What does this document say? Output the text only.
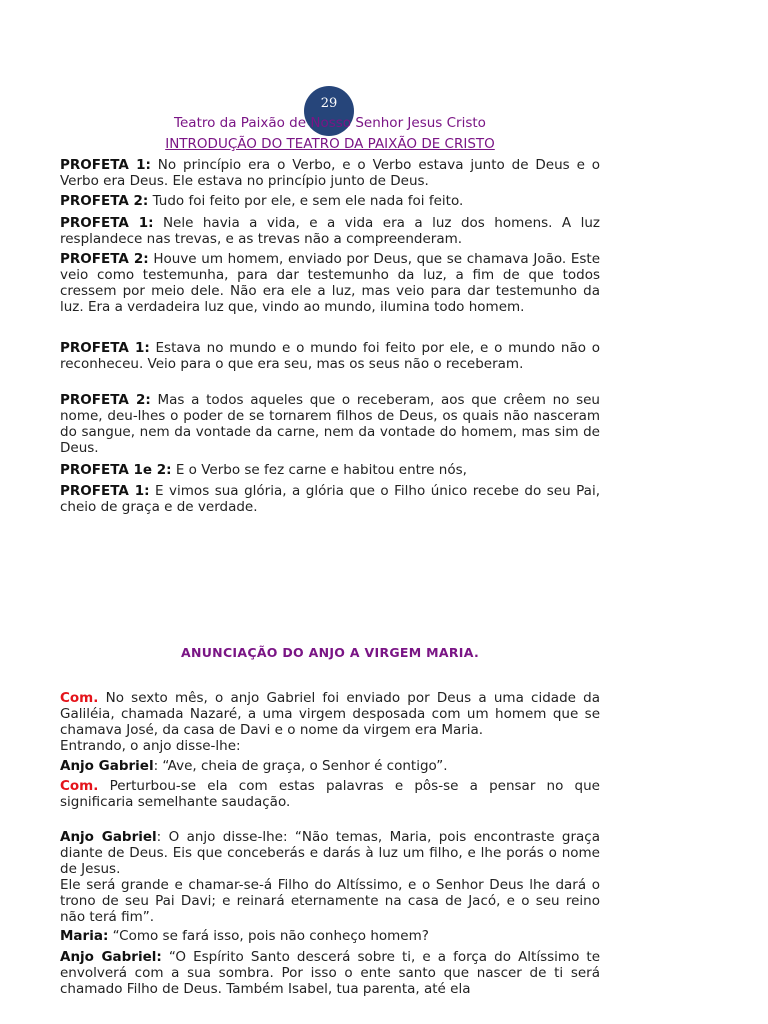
29
Teatro da Paixão de Nosso Senhor Jesus Cristo
INTRODUÇÃO DO TEATRO DA PAIXÃO DE CRISTO

PROFETA 1: No princípio era o Verbo, e o Verbo estava junto de Deus e o Verbo era Deus. Ele estava no princípio junto de Deus.

PROFETA 2: Tudo foi feito por ele, e sem ele nada foi feito.

PROFETA 1: Nele havia a vida, e a vida era a luz dos homens. A luz resplandece nas trevas, e as trevas não a compreenderam.

PROFETA 2: Houve um homem, enviado por Deus, que se chamava João. Este veio como testemunha, para dar testemunho da luz, a fim de que todos cressem por meio dele. Não era ele a luz, mas veio para dar testemunho da luz. Era a verdadeira luz que, vindo ao mundo, ilumina todo homem.

PROFETA 1: Estava no mundo e o mundo foi feito por ele, e o mundo não o reconheceu. Veio para o que era seu, mas os seus não o receberam.

PROFETA 2: Mas a todos aqueles que o receberam, aos que crêem no seu nome, deu-lhes o poder de se tornarem filhos de Deus, os quais não nasceram do sangue, nem da vontade da carne, nem da vontade do homem, mas sim de Deus.

PROFETA 1e 2: E o Verbo se fez carne e habitou entre nós,

PROFETA 1: E vimos sua glória, a glória que o Filho único recebe do seu Pai, cheio de graça e de verdade.

ANUNCIAÇÃO DO ANJO A VIRGEM MARIA.

Com. No sexto mês, o anjo Gabriel foi enviado por Deus a uma cidade da Galiléia, chamada Nazaré, a uma virgem desposada com um homem que se chamava José, da casa de Davi e o nome da virgem era Maria.

Entrando, o anjo disse-lhe:

Anjo Gabriel: “Ave, cheia de graça, o Senhor é contigo”.

Com. Perturbou-se ela com estas palavras e pôs-se a pensar no que significaria semelhante saudação.

Anjo Gabriel: O anjo disse-lhe: “Não temas, Maria, pois encontraste graça diante de Deus. Eis que conceberás e darás à luz um filho, e lhe porás o nome de Jesus.

Ele será grande e chamar-se-á Filho do Altíssimo, e o Senhor Deus lhe dará o trono de seu Pai Davi; e reinará eternamente na casa de Jacó, e o seu reino não terá fim”.

Maria: “Como se fará isso, pois não conheço homem?

Anjo Gabriel: “O Espírito Santo descerá sobre ti, e a força do Altíssimo te envolverá com a sua sombra. Por isso o ente santo que nascer de ti será chamado Filho de Deus. Também Isabel, tua parenta, até ela
